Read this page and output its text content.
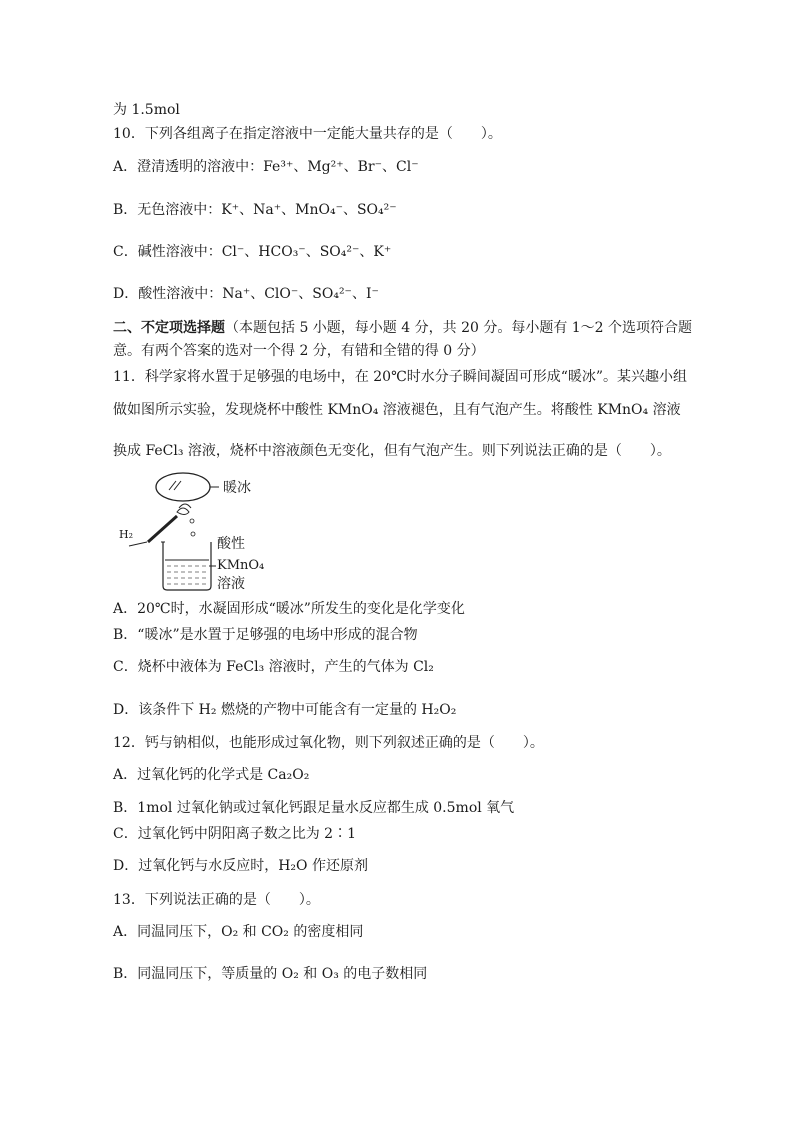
为 1.5mol
10．下列各组离子在指定溶液中一定能大量共存的是（　　）。
A．澄清透明的溶液中：Fe³⁺、Mg²⁺、Br⁻、Cl⁻
B．无色溶液中：K⁺、Na⁺、MnO₄⁻、SO₄²⁻
C．碱性溶液中：Cl⁻、HCO₃⁻、SO₄²⁻、K⁺
D．酸性溶液中：Na⁺、ClO⁻、SO₄²⁻、I⁻
二、不定项选择题（本题包括 5 小题，每小题 4 分，共 20 分。每小题有 1～2 个选项符合题
意。有两个答案的选对一个得 2 分，有错和全错的得 0 分）
11．科学家将水置于足够强的电场中，在 20℃时水分子瞬间凝固可形成“暖冰”。某兴趣小组
做如图所示实验，发现烧杯中酸性 KMnO₄ 溶液褪色，且有气泡产生。将酸性 KMnO₄ 溶液
换成 FeCl₃ 溶液，烧杯中溶液颜色无变化，但有气泡产生。则下列说法正确的是（　　）。
暖冰
H₂
酸性
KMnO₄
溶液
A．20℃时，水凝固形成“暖冰”所发生的变化是化学变化
B．“暖冰”是水置于足够强的电场中形成的混合物
C．烧杯中液体为 FeCl₃ 溶液时，产生的气体为 Cl₂
D．该条件下 H₂ 燃烧的产物中可能含有一定量的 H₂O₂
12．钙与钠相似，也能形成过氧化物，则下列叙述正确的是（　　）。
A．过氧化钙的化学式是 Ca₂O₂
B．1mol 过氧化钠或过氧化钙跟足量水反应都生成 0.5mol 氧气
C．过氧化钙中阴阳离子数之比为 2∶1
D．过氧化钙与水反应时，H₂O 作还原剂
13．下列说法正确的是（　　）。
A．同温同压下，O₂ 和 CO₂ 的密度相同
B．同温同压下，等质量的 O₂ 和 O₃ 的电子数相同
